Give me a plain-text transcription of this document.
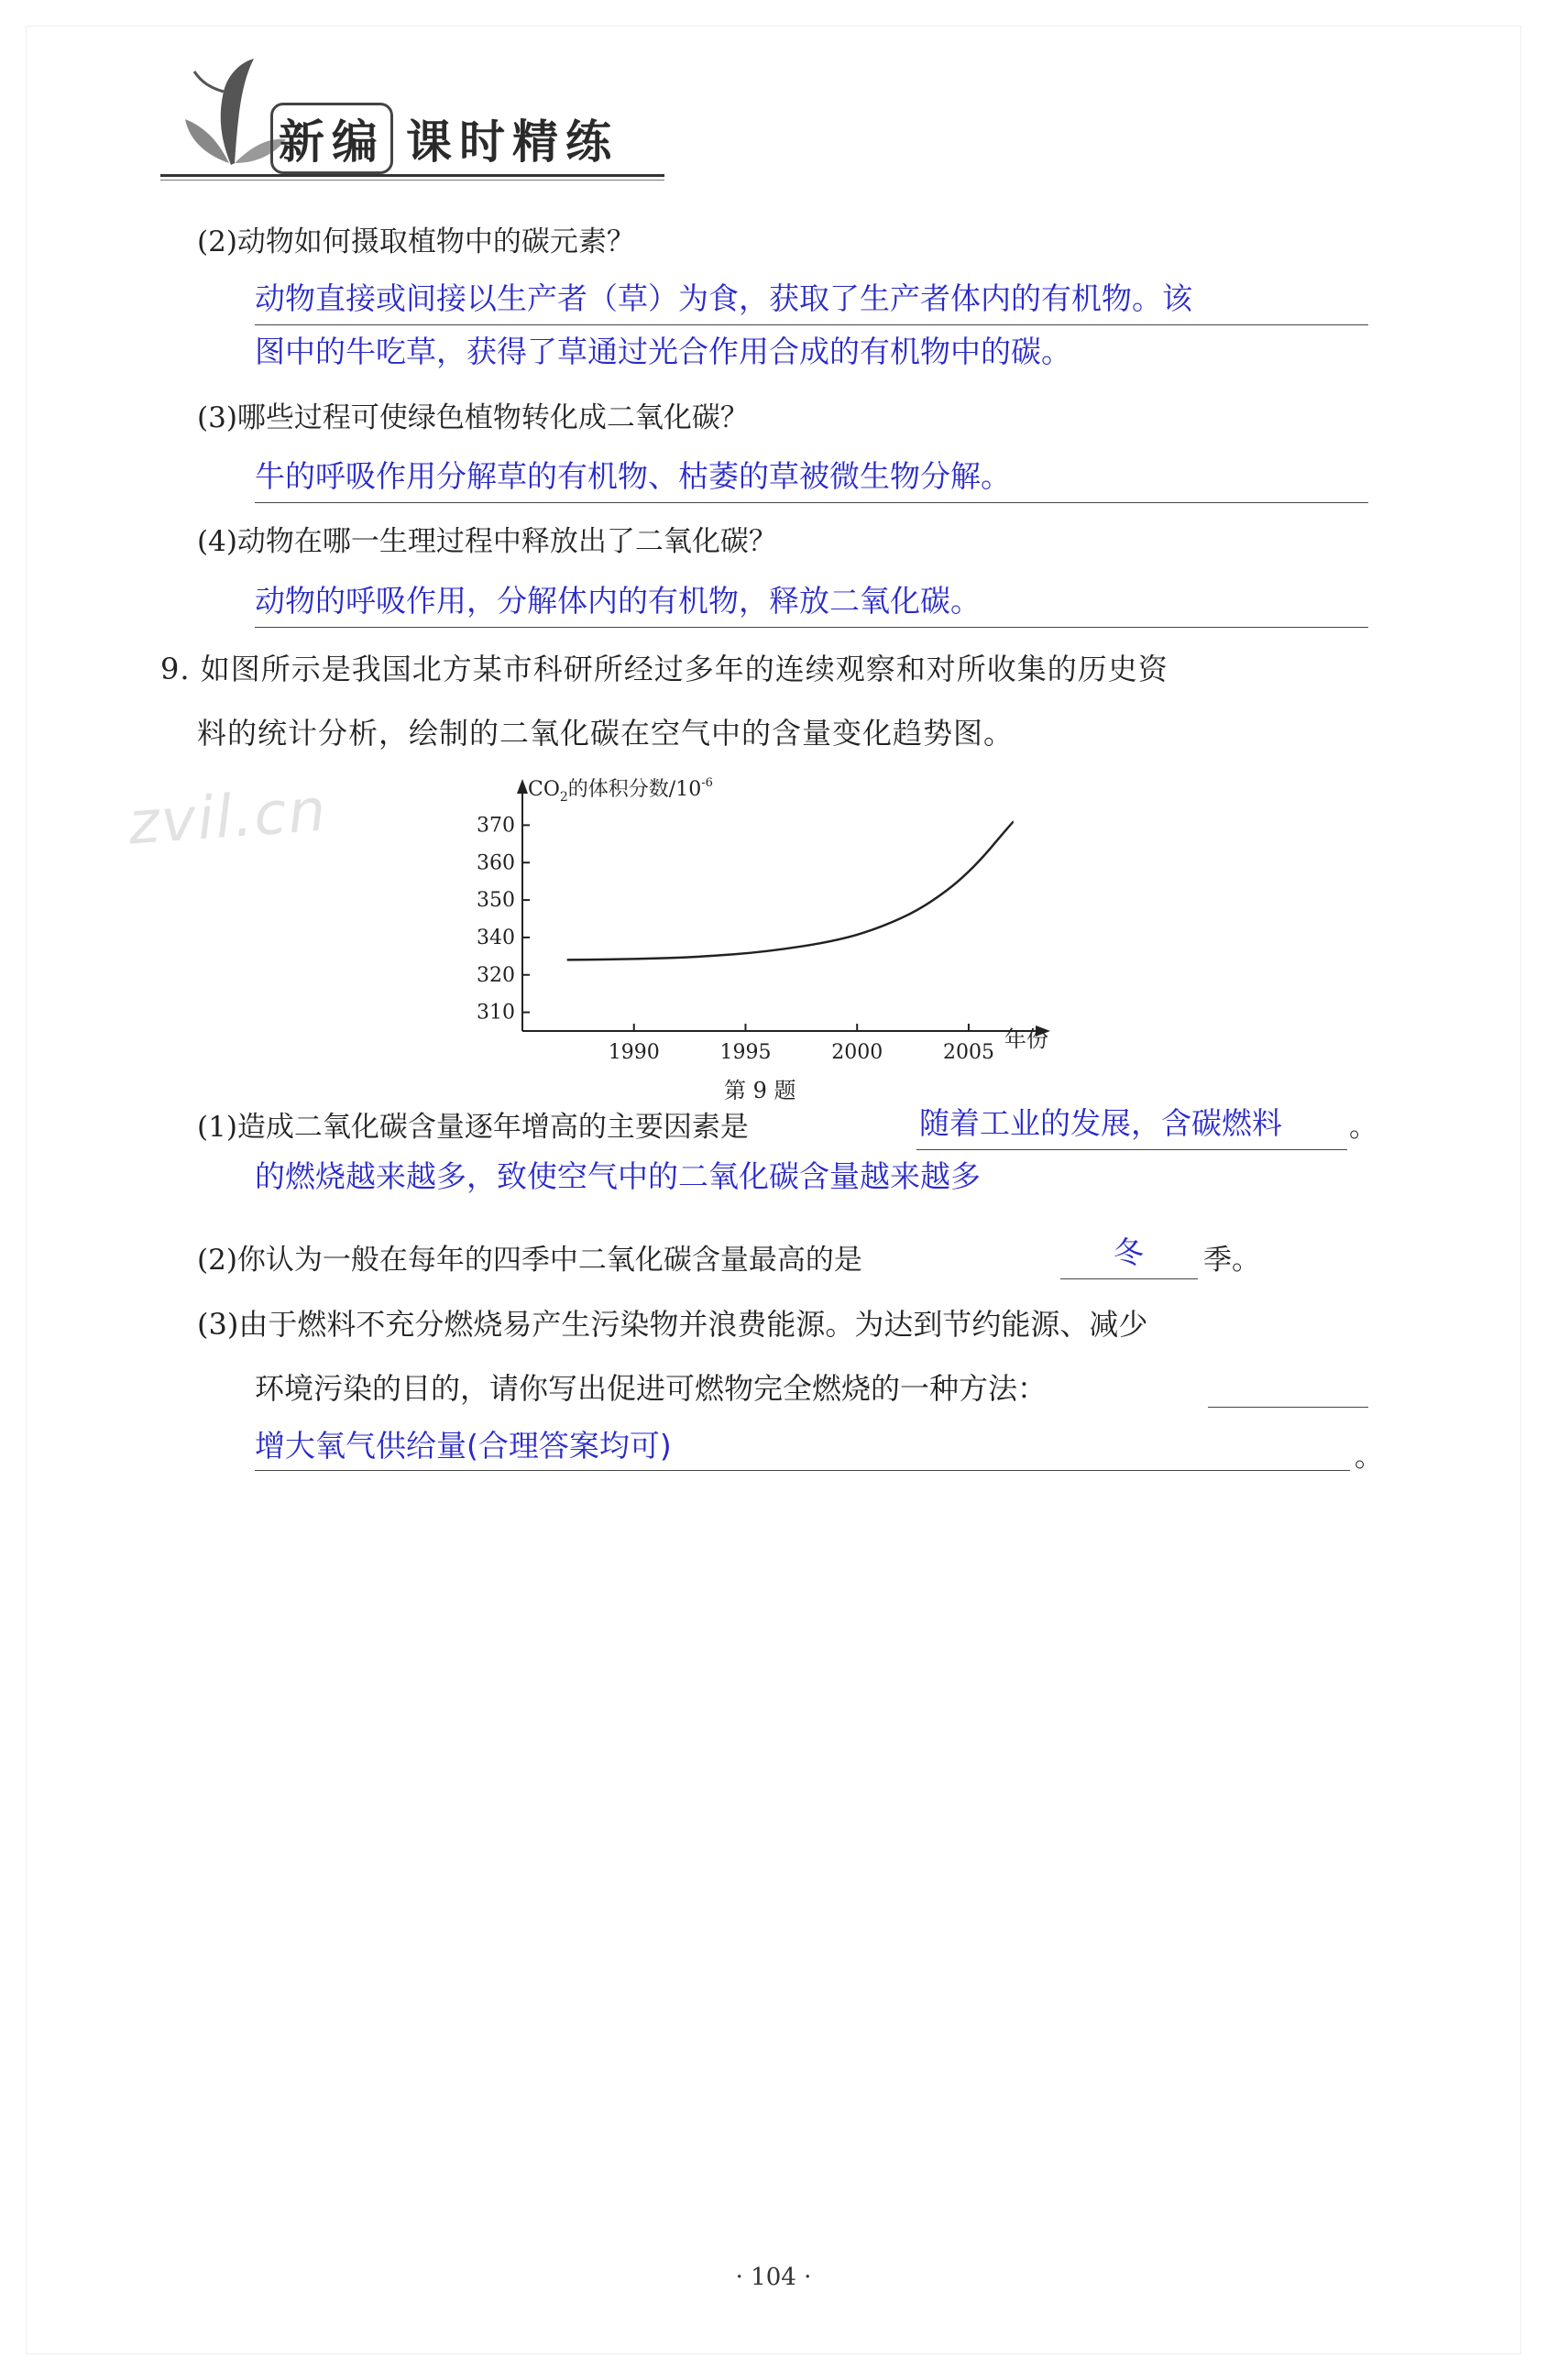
新编 课时精练
(2)动物如何摄取植物中的碳元素？
动物直接或间接以生产者（草）为食，获取了生产者体内的有机物。该
图中的牛吃草，获得了草通过光合作用合成的有机物中的碳。
(3)哪些过程可使绿色植物转化成二氧化碳？
牛的呼吸作用分解草的有机物、枯萎的草被微生物分解。
(4)动物在哪一生理过程中释放出了二氧化碳？
动物的呼吸作用，分解体内的有机物，释放二氧化碳。
9. 如图所示是我国北方某市科研所经过多年的连续观察和对所收集的历史资
料的统计分析，绘制的二氧化碳在空气中的含量变化趋势图。
zvil.cn	$CO_2$的体积分数$/10^{-6}$
年份
370
360
350
340
320
310
1990	1995	2000	2005
第 9 题
(1)造成二氧化碳含量逐年增高的主要因素是	随着工业的发展，含碳燃料 。
的燃烧越来越多，致使空气中的二氧化碳含量越来越多
(2)你认为一般在每年的四季中二氧化碳含量最高的是	冬 季。
(3)由于燃料不充分燃烧易产生污染物并浪费能源。为达到节约能源、减少
环境污染的目的，请你写出促进可燃物完全燃烧的一种方法：
增大氧气供给量(合理答案均可)	。
· 104 ·
